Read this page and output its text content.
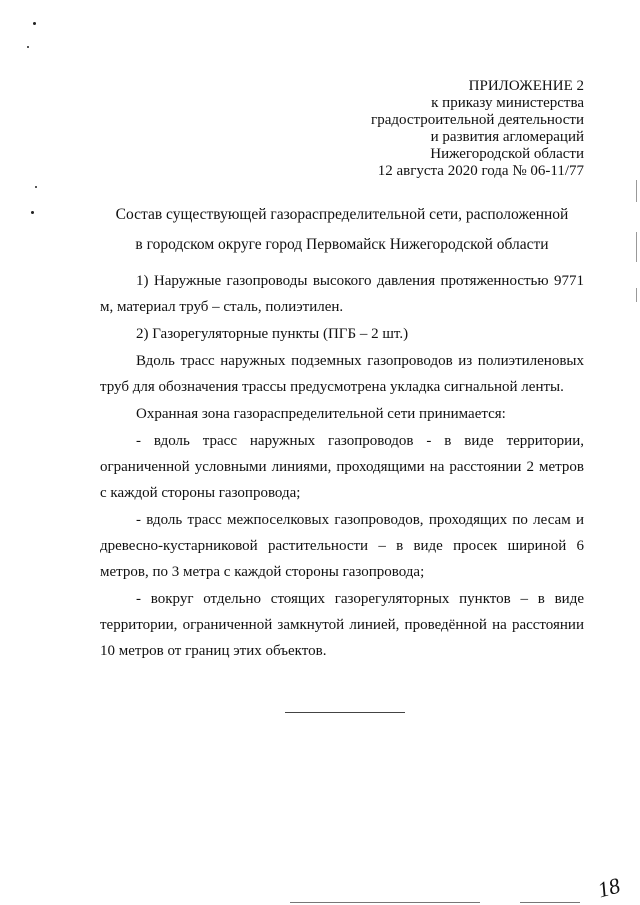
ПРИЛОЖЕНИЕ 2
к приказу министерства
градостроительной деятельности
и развития агломераций
Нижегородской области
12 августа 2020 года № 06-11/77
Состав существующей газораспределительной сети, расположенной
в городском округе город Первомайск Нижегородской области

1) Наружные газопроводы высокого давления протяженностью 9771 м, материал труб – сталь, полиэтилен.

2) Газорегуляторные пункты (ПГБ – 2 шт.)

Вдоль трасс наружных подземных газопроводов из полиэтиленовых труб для обозначения трассы предусмотрена укладка сигнальной ленты.

Охранная зона газораспределительной сети принимается:

- вдоль трасс наружных газопроводов - в виде территории, ограниченной условными линиями, проходящими на расстоянии 2 метров с каждой стороны газопровода;

- вдоль трасс межпоселковых газопроводов, проходящих по лесам и древесно-кустарниковой растительности – в виде просек шириной 6 метров, по 3 метра с каждой стороны газопровода;

- вокруг отдельно стоящих газорегуляторных пунктов – в виде территории, ограниченной замкнутой линией, проведённой на расстоянии 10 метров от границ этих объектов.

18
